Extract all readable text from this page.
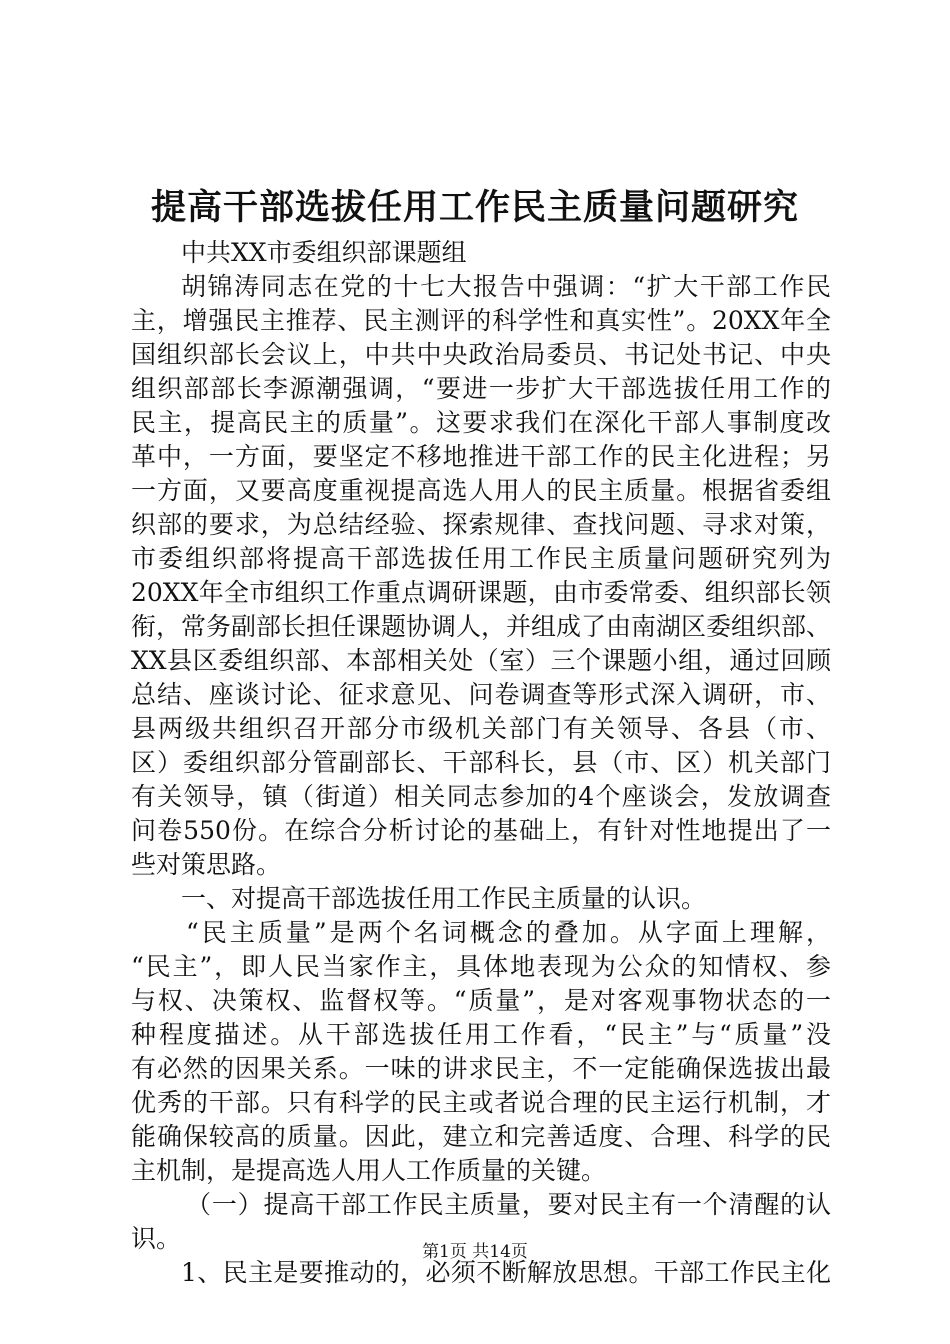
提高干部选拔任用工作民主质量问题研究
中共XX市委组织部课题组
胡锦涛同志在党的十七大报告中强调：“扩大干部工作民
主，增强民主推荐、民主测评的科学性和真实性”。20XX年全
国组织部长会议上，中共中央政治局委员、书记处书记、中央
组织部部长李源潮强调，“要进一步扩大干部选拔任用工作的
民主，提高民主的质量”。这要求我们在深化干部人事制度改
革中，一方面，要坚定不移地推进干部工作的民主化进程；另
一方面，又要高度重视提高选人用人的民主质量。根据省委组
织部的要求，为总结经验、探索规律、查找问题、寻求对策，
市委组织部将提高干部选拔任用工作民主质量问题研究列为
20XX年全市组织工作重点调研课题，由市委常委、组织部长领
衔，常务副部长担任课题协调人，并组成了由南湖区委组织部、
XX县区委组织部、本部相关处（室）三个课题小组，通过回顾
总结、座谈讨论、征求意见、问卷调查等形式深入调研，市、
县两级共组织召开部分市级机关部门有关领导、各县（市、
区）委组织部分管副部长、干部科长，县（市、区）机关部门
有关领导，镇（街道）相关同志参加的4个座谈会，发放调查
问卷550份。在综合分析讨论的基础上，有针对性地提出了一
些对策思路。
一、对提高干部选拔任用工作民主质量的认识。
“民主质量”是两个名词概念的叠加。从字面上理解，
“民主”，即人民当家作主，具体地表现为公众的知情权、参
与权、决策权、监督权等。“质量”，是对客观事物状态的一
种程度描述。从干部选拔任用工作看，“民主”与“质量”没
有必然的因果关系。一味的讲求民主，不一定能确保选拔出最
优秀的干部。只有科学的民主或者说合理的民主运行机制，才
能确保较高的质量。因此，建立和完善适度、合理、科学的民
主机制，是提高选人用人工作质量的关键。
（一）提高干部工作民主质量，要对民主有一个清醒的认
识。
1、民主是要推动的，必须不断解放思想。干部工作民主化
第1页 共14页
